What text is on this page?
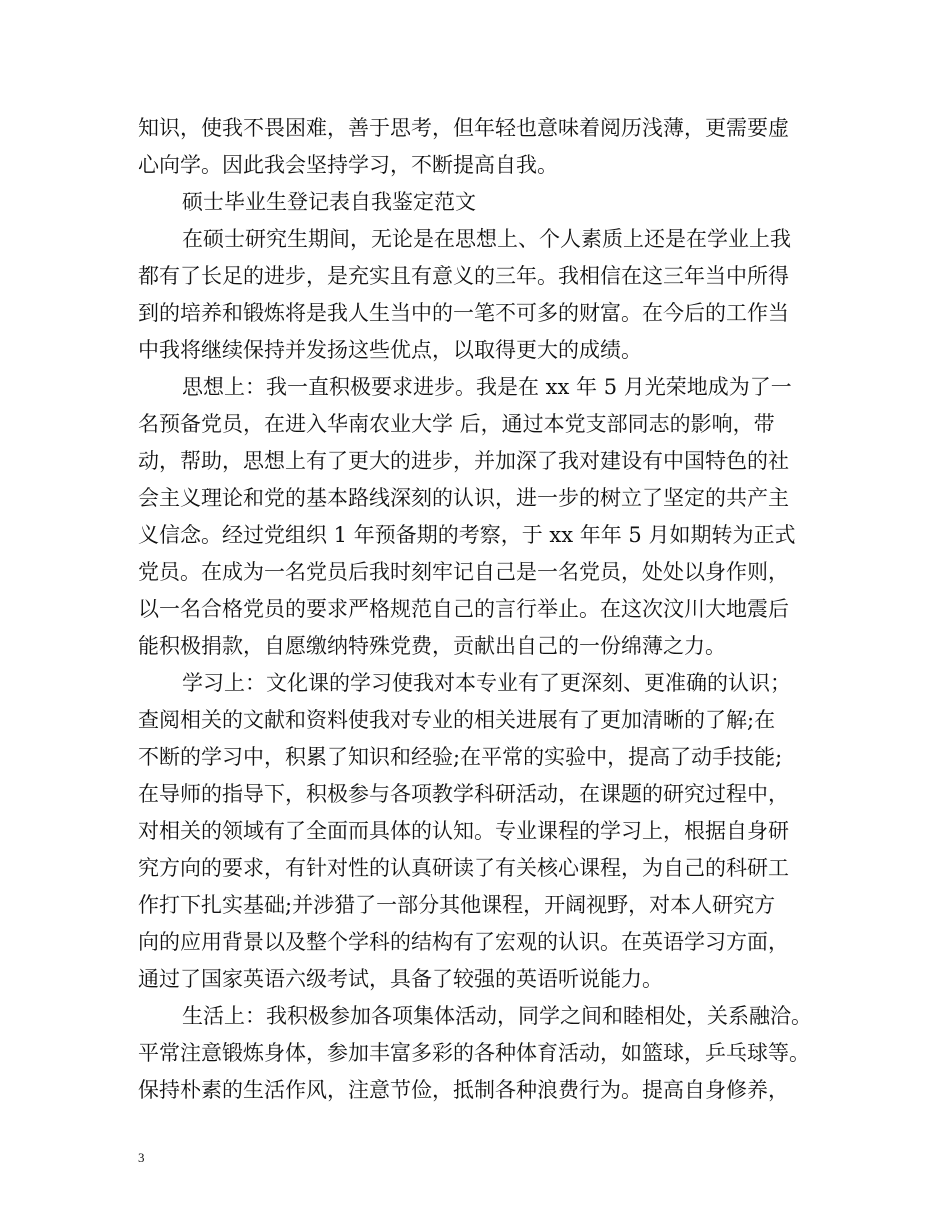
知识，使我不畏困难，善于思考，但年轻也意味着阅历浅薄，更需要虚
心向学。因此我会坚持学习，不断提高自我。
硕士毕业生登记表自我鉴定范文
在硕士研究生期间，无论是在思想上、个人素质上还是在学业上我
都有了长足的进步，是充实且有意义的三年。我相信在这三年当中所得
到的培养和锻炼将是我人生当中的一笔不可多的财富。在今后的工作当
中我将继续保持并发扬这些优点，以取得更大的成绩。
思想上：我一直积极要求进步。我是在 xx 年 5 月光荣地成为了一
名预备党员，在进入华南农业大学 后，通过本党支部同志的影响，带
动，帮助，思想上有了更大的进步，并加深了我对建设有中国特色的社
会主义理论和党的基本路线深刻的认识，进一步的树立了坚定的共产主
义信念。经过党组织 1 年预备期的考察，于 xx 年年 5 月如期转为正式
党员。在成为一名党员后我时刻牢记自己是一名党员，处处以身作则，
以一名合格党员的要求严格规范自己的言行举止。在这次汶川大地震后
能积极捐款，自愿缴纳特殊党费，贡献出自己的一份绵薄之力。
学习上：文化课的学习使我对本专业有了更深刻、更准确的认识；
查阅相关的文献和资料使我对专业的相关进展有了更加清晰的了解;在
不断的学习中，积累了知识和经验;在平常的实验中，提高了动手技能;
在导师的指导下，积极参与各项教学科研活动，在课题的研究过程中，
对相关的领域有了全面而具体的认知。专业课程的学习上，根据自身研
究方向的要求，有针对性的认真研读了有关核心课程，为自己的科研工
作打下扎实基础;并涉猎了一部分其他课程，开阔视野，对本人研究方
向的应用背景以及整个学科的结构有了宏观的认识。在英语学习方面，
通过了国家英语六级考试，具备了较强的英语听说能力。
生活上：我积极参加各项集体活动，同学之间和睦相处，关系融洽。
平常注意锻炼身体，参加丰富多彩的各种体育活动，如篮球，乒乓球等。
保持朴素的生活作风，注意节俭，抵制各种浪费行为。提高自身修养，
3
